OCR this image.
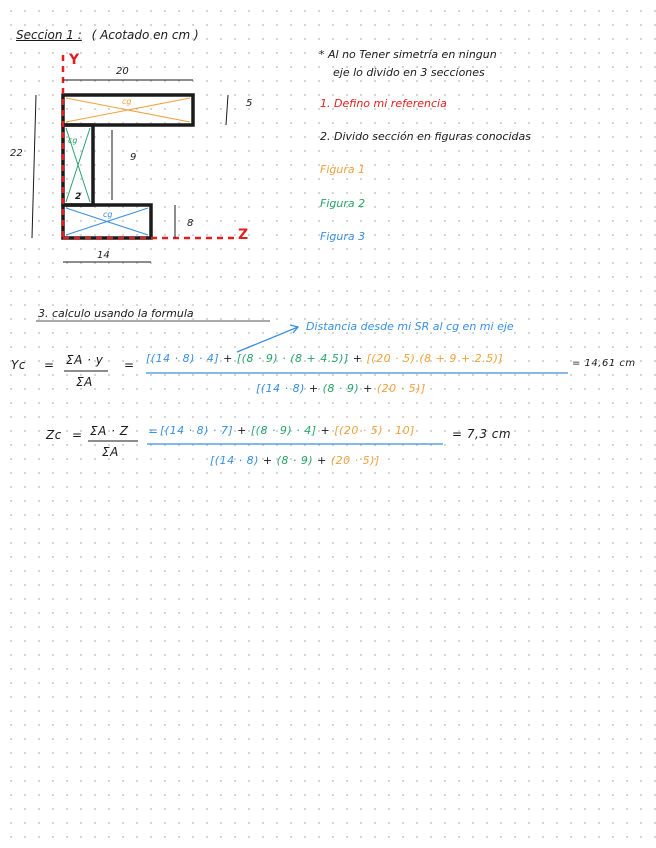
Seccion 1 : ( Acotado en cm )
Y
Z
20
22
5
9
8
14
cg
cg
cg
2
* Al no Tener simetría en ningun
eje lo divido en 3 secciones
1. Defino mi referencia
2. Divido sección en figuras conocidas
Figura 1
Figura 2
Figura 3
3. calculo usando la formula
Distancia desde mi SR al cg en mi eje
Yc = ΣA · y
ΣA
= [(14 · 8) · 4] + [(8 · 9) · (8 + 4.5)] + [(20 · 5) (8 + 9 + 2.5)]	= 14,61 cm
[(14 · 8) + (8 · 9) + (20 · 5)]
Zc = ΣA · Z
ΣA
= [(14 · 8) · 7] + [(8 · 9) · 4] + [(20 · 5) · 10]	= 7,3 cm
[(14 · 8) + (8 · 9) + (20 · 5)]
